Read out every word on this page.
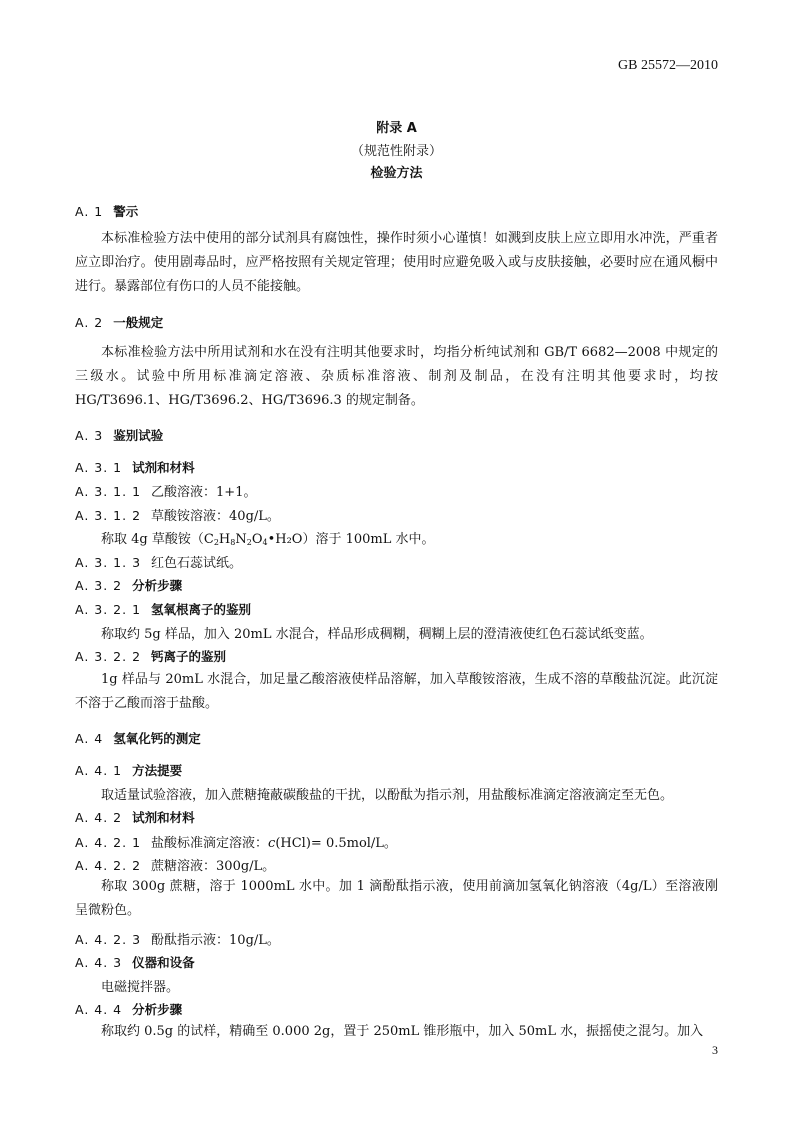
GB 25572—2010
附录 A
（规范性附录）
检验方法
A. 1 警示
本标准检验方法中使用的部分试剂具有腐蚀性，操作时须小心谨慎！如溅到皮肤上应立即用水冲洗，严重者应立即治疗。使用剧毒品时，应严格按照有关规定管理；使用时应避免吸入或与皮肤接触，必要时应在通风橱中进行。暴露部位有伤口的人员不能接触。
A. 2 一般规定
本标准检验方法中所用试剂和水在没有注明其他要求时，均指分析纯试剂和 GB/T 6682—2008 中规定的三级水。试验中所用标准滴定溶液、杂质标准溶液、制剂及制品，在没有注明其他要求时，均按 HG/T3696.1、HG/T3696.2、HG/T3696.3 的规定制备。
A. 3 鉴别试验
A. 3. 1 试剂和材料
A. 3. 1. 1 乙酸溶液：1+1。
A. 3. 1. 2 草酸铵溶液：40g/L。
称取 4g 草酸铵$(C_2H_8N_2O_4•H_2O)$溶于 100mL 水中。
A. 3. 1. 3 红色石蕊试纸。
A. 3. 2 分析步骤
A. 3. 2. 1 氢氧根离子的鉴别
称取约 5g 样品，加入 20mL 水混合，样品形成稠糊，稠糊上层的澄清液使红色石蕊试纸变蓝。
A. 3. 2. 2 钙离子的鉴别
1g 样品与 20mL 水混合，加足量乙酸溶液使样品溶解，加入草酸铵溶液，生成不溶的草酸盐沉淀。此沉淀不溶于乙酸而溶于盐酸。
A. 4 氢氧化钙的测定
A. 4. 1 方法提要
取适量试验溶液，加入蔗糖掩蔽碳酸盐的干扰，以酚酞为指示剂，用盐酸标准滴定溶液滴定至无色。
A. 4. 2 试剂和材料
A. 4. 2. 1 盐酸标准滴定溶液：c(HCl)= 0.5mol/L。
A. 4. 2. 2 蔗糖溶液：300g/L。
称取 300g 蔗糖，溶于 1000mL 水中。加 1 滴酚酞指示液，使用前滴加氢氧化钠溶液（4g/L）至溶液刚呈微粉色。
A. 4. 2. 3 酚酞指示液：10g/L。
A. 4. 3 仪器和设备
电磁搅拌器。
A. 4. 4 分析步骤
称取约 0.5g 的试样，精确至 0.000 2g，置于 250mL 锥形瓶中，加入 50mL 水，振摇使之混匀。加入
3
